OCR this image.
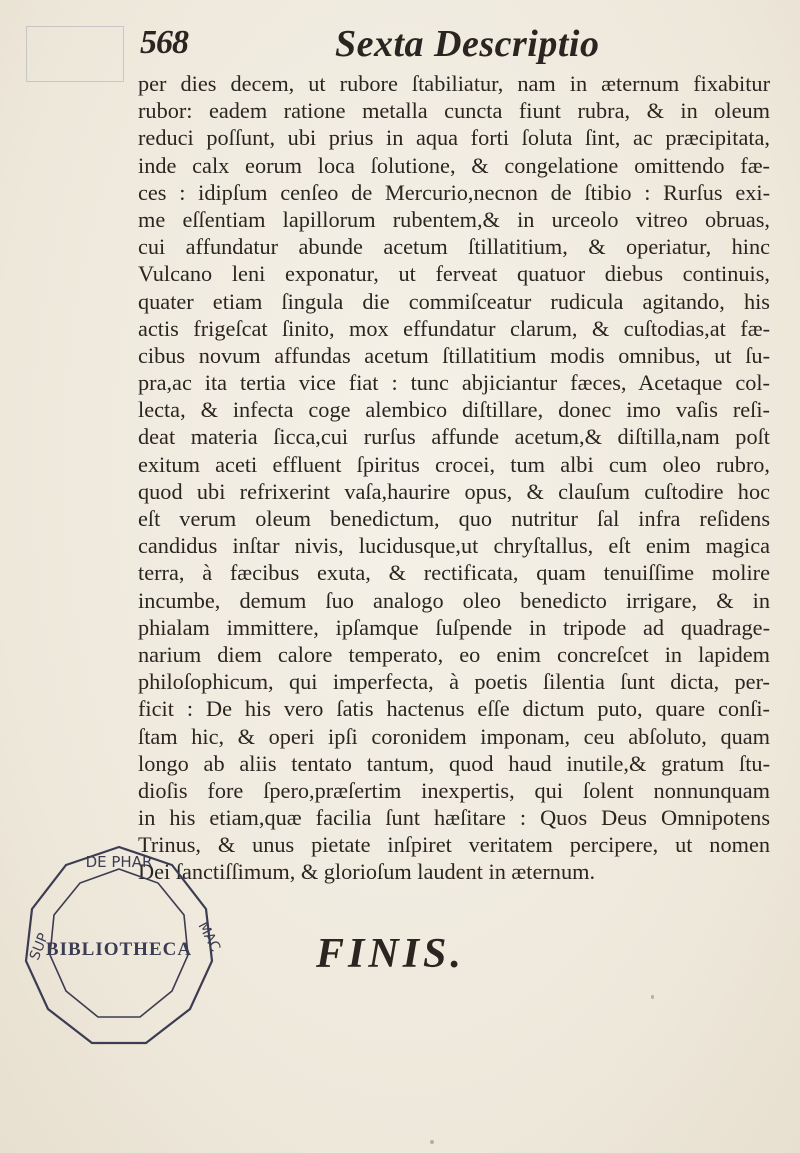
568	Sexta Descriptio
per dies decem, ut rubore ſtabiliatur, nam in æternum fixabitur
rubor: eadem ratione metalla cuncta fiunt rubra, & in oleum
reduci poſſunt, ubi prius in aqua forti ſoluta ſint, ac præcipitata,
inde calx eorum loca ſolutione, & congelatione omittendo fæ-
ces : idipſum cenſeo de Mercurio,necnon de ſtibio : Rurſus exi-
me eſſentiam lapillorum rubentem,& in urceolo vitreo obruas,
cui affundatur abunde acetum ſtillatitium, & operiatur, hinc
Vulcano leni exponatur, ut ferveat quatuor diebus continuis,
quater etiam ſingula die commiſceatur rudicula agitando, his
actis frigeſcat ſinito, mox effundatur clarum, & cuſtodias,at fæ-
cibus novum affundas acetum ſtillatitium modis omnibus, ut ſu-
pra,ac ita tertia vice fiat : tunc abjiciantur fæces, Acetaque col-
lecta, & infecta coge alembico diſtillare, donec imo vaſis reſi-
deat materia ſicca,cui rurſus affunde acetum,& diſtilla,nam poſt
exitum aceti effluent ſpiritus crocei, tum albi cum oleo rubro,
quod ubi refrixerint vaſa,haurire opus, & clauſum cuſtodire hoc
eſt verum oleum benedictum, quo nutritur ſal infra reſidens
candidus inſtar nivis, lucidusque,ut chryſtallus, eſt enim magica
terra, à fæcibus exuta, & rectificata, quam tenuiſſime molire
incumbe, demum ſuo analogo oleo benedicto irrigare, & in
phialam immittere, ipſamque ſuſpende in tripode ad quadrage-
narium diem calore temperato, eo enim concreſcet in lapidem
philoſophicum, qui imperfecta, à poetis ſilentia ſunt dicta, per-
ficit : De his vero ſatis hactenus eſſe dictum puto, quare conſi-
ſtam hic, & operi ipſi coronidem imponam, ceu abſoluto, quam
longo ab aliis tentato tantum, quod haud inutile,& gratum ſtu-
dioſis fore ſpero,præſertim inexpertis, qui ſolent nonnunquam
in his etiam,quæ facilia ſunt hæſitare : Quos Deus Omnipotens
Trinus, & unus pietate inſpiret veritatem percipere, ut nomen
Dei ſanctiſſimum, & glorioſum laudent in æternum.
DE PHAR
SUP	MAC
BIBLIOTHECA	FINIS.
